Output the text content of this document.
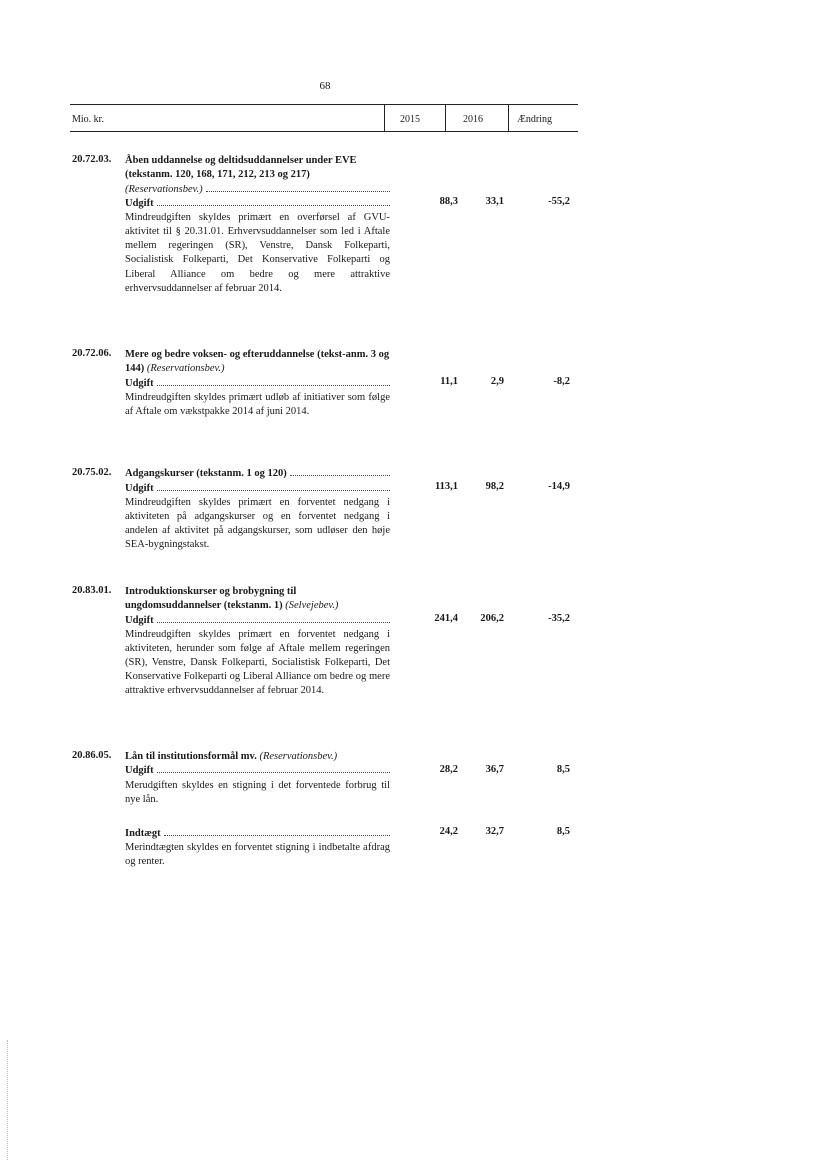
68
Mio. kr.	2015	2016	Ændring
20.72.03. Åben uddannelse og deltidsuddannelser under EVE (tekstanm. 120, 168, 171, 212, 213 og 217)

(Reservationsbev.)
Udgift
Mindreudgiften skyldes primært en overførsel af GVU-aktivitet til § 20.31.01. Erhvervsuddannelser som led i Aftale mellem regeringen (SR), Venstre, Dansk Folkeparti, Socialistisk Folkeparti, Det Konservative Folkeparti og Liberal Alliance om bedre og mere attraktive erhvervsuddannelser af februar 2014.
88,3	33,1	-55,2
20.72.06. Mere og bedre voksen- og efteruddannelse (tekst-anm. 3 og 144) (Reservationsbev.)
Udgift
Mindreudgiften skyldes primært udløb af initiativer som følge af Aftale om vækstpakke 2014 af juni 2014.
11,1	2,9	-8,2
20.75.02. Adgangskurser (tekstanm. 1 og 120)
Udgift
Mindreudgiften skyldes primært en forventet nedgang i aktiviteten på adgangskurser og en forventet nedgang i andelen af aktivitet på adgangskurser, som udløser den høje SEA-bygningstakst.
113,1	98,2	-14,9
20.83.01. Introduktionskurser og brobygning til ungdomsuddannelser (tekstanm. 1) (Selvejebev.)
Udgift
Mindreudgiften skyldes primært en forventet nedgang i aktiviteten, herunder som følge af Aftale mellem regeringen (SR), Venstre, Dansk Folkeparti, Socialistisk Folkeparti, Det Konservative Folkeparti og Liberal Alliance om bedre og mere attraktive erhvervsuddannelser af februar 2014.
241,4	206,2	-35,2
20.86.05. Lån til institutionsformål mv. (Reservationsbev.)
Udgift
Merudgiften skyldes en stigning i det forventede forbrug til nye lån.
Indtægt
Merindtægten skyldes en forventet stigning i indbetalte afdrag og renter.
28,2	36,7	8,5
24,2	32,7	8,5
